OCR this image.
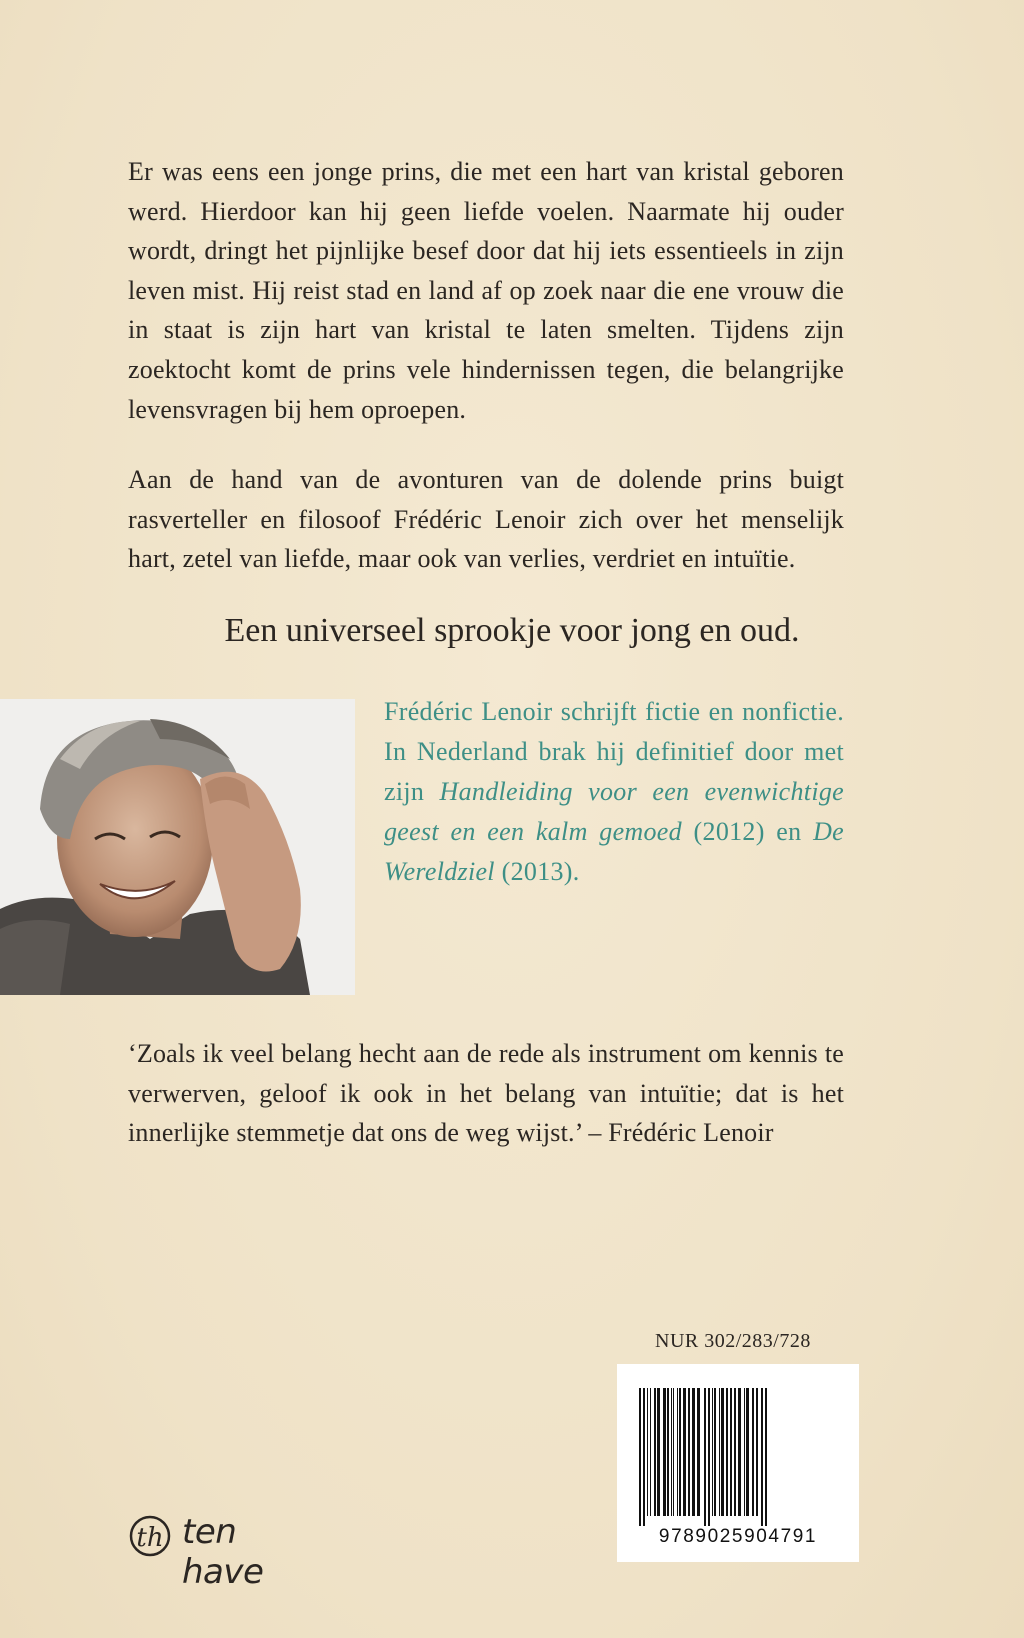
Er was eens een jonge prins, die met een hart van kristal geboren werd. Hierdoor kan hij geen liefde voelen. Naarmate hij ouder wordt, dringt het pijnlijke besef door dat hij iets essentieels in zijn leven mist. Hij reist stad en land af op zoek naar die ene vrouw die in staat is zijn hart van kristal te laten smelten. Tijdens zijn zoektocht komt de prins vele hindernissen tegen, die belangrijke levensvragen bij hem oproepen.

Aan de hand van de avonturen van de dolende prins buigt rasverteller en filosoof Frédéric Lenoir zich over het menselijk hart, zetel van liefde, maar ook van verlies, verdriet en intuïtie.

Een universeel sprookje voor jong en oud.

Frédéric Lenoir schrijft fictie en nonfictie. In Nederland brak hij definitief door met zijn Handleiding voor een evenwichtige geest en een kalm gemoed (2012) en De Wereldziel (2013).

‘Zoals ik veel belang hecht aan de rede als instrument om kennis te verwerven, geloof ik ook in het belang van intuïtie; dat is het innerlijke stemmetje dat ons de weg wijst.’ – Frédéric Lenoir

NUR 302/283/728

9789025904791
th ten have
